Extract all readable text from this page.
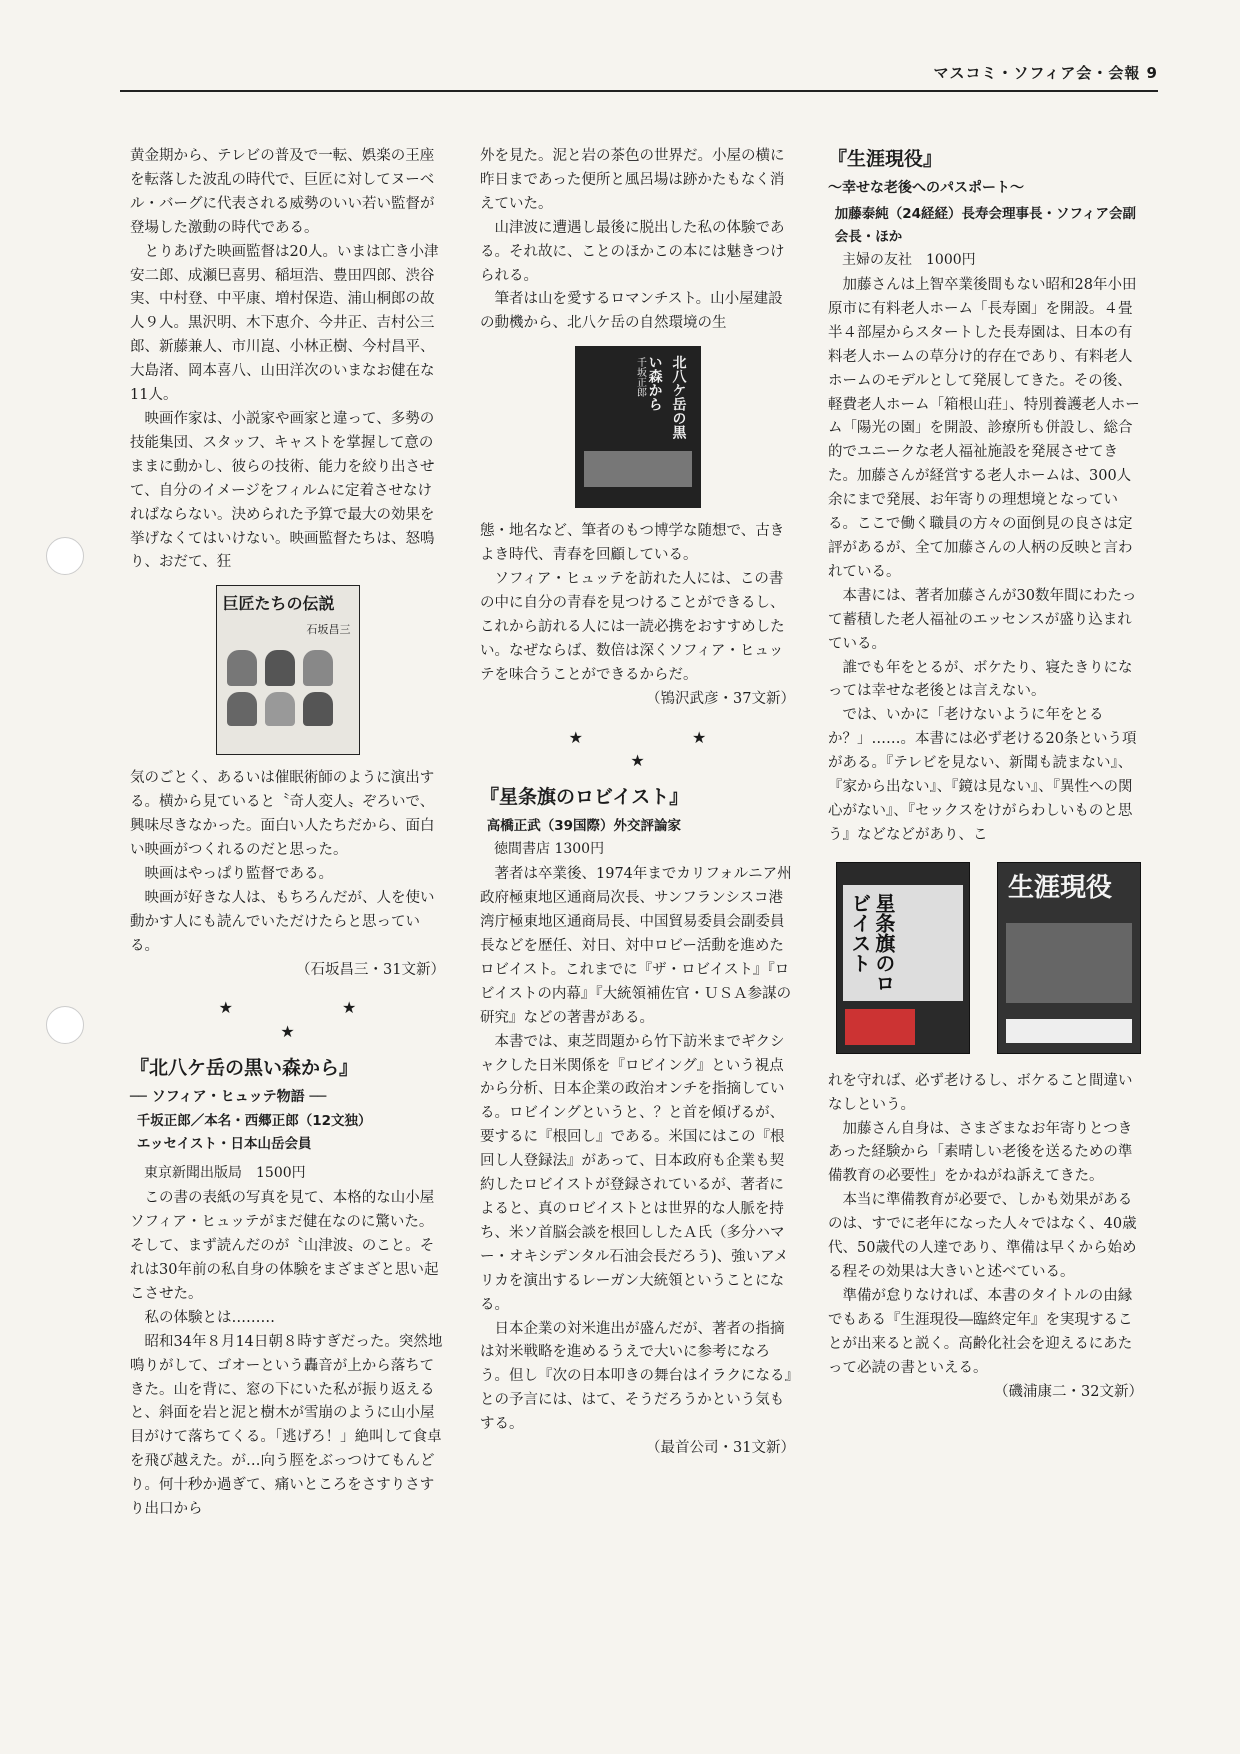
マスコミ・ソフィア会・会報 9

黄金期から、テレビの普及で一転、娯楽の王座を転落した波乱の時代で、巨匠に対してヌーベル・バーグに代表される威勢のいい若い監督が登場した激動の時代である。

とりあげた映画監督は20人。いまは亡き小津安二郎、成瀬巳喜男、稲垣浩、豊田四郎、渋谷実、中村登、中平康、増村保造、浦山桐郎の故人９人。黒沢明、木下恵介、今井正、吉村公三郎、新藤兼人、市川崑、小林正樹、今村昌平、大島渚、岡本喜八、山田洋次のいまなお健在な11人。

映画作家は、小説家や画家と違って、多勢の技能集団、スタッフ、キャストを掌握して意のままに動かし、彼らの技術、能力を絞り出させて、自分のイメージをフィルムに定着させなければならない。決められた予算で最大の効果を挙げなくてはいけない。映画監督たちは、怒鳴り、おだて、狂

巨匠たちの伝説
石坂昌三

気のごとく、あるいは催眠術師のように演出する。横から見ていると〝奇人変人〟ぞろいで、興味尽きなかった。面白い人たちだから、面白い映画がつくれるのだと思った。

映画はやっぱり監督である。

映画が好きな人は、もちろんだが、人を使い動かす人にも読んでいただけたらと思っている。

（石坂昌三・31文新）

★ ★ ★
『北八ケ岳の黒い森から』
── ソフィア・ヒュッテ物語 ──
千坂正郎／本名・西郷正郎（12文独）
エッセイスト・日本山岳会員
東京新聞出版局　1500円

この書の表紙の写真を見て、本格的な山小屋ソフィア・ヒュッテがまだ健在なのに驚いた。そして、まず読んだのが〝山津波〟のこと。それは30年前の私自身の体験をまざまざと思い起こさせた。

私の体験とは………

昭和34年８月14日朝８時すぎだった。突然地鳴りがして、ゴオーという轟音が上から落ちてきた。山を背に、窓の下にいた私が振り返えると、斜面を岩と泥と樹木が雪崩のように山小屋目がけて落ちてくる。「逃げろ！」絶叫して食卓を飛び越えた。が…向う脛をぶっつけてもんどり。何十秒か過ぎて、痛いところをさすりさすり出口から

外を見た。泥と岩の茶色の世界だ。小屋の横に昨日まであった便所と風呂場は跡かたもなく消えていた。

山津波に遭遇し最後に脱出した私の体験である。それ故に、ことのほかこの本には魅きつけられる。

筆者は山を愛するロマンチスト。山小屋建設の動機から、北八ケ岳の自然環境の生

北八ケ岳の黒い森から
千坂正郎

態・地名など、筆者のもつ博学な随想で、古きよき時代、青春を回顧している。

ソフィア・ヒュッテを訪れた人には、この書の中に自分の青春を見つけることができるし、これから訪れる人には一読必携をおすすめしたい。なぜならば、数倍は深くソフィア・ヒュッテを味合うことができるからだ。

（鴇沢武彦・37文新）

★ ★ ★
『星条旗のロビイスト』
高橋正武（39国際）外交評論家
徳間書店 1300円

著者は卒業後、1974年までカリフォルニア州政府極東地区通商局次長、サンフランシスコ港湾庁極東地区通商局長、中国貿易委員会副委員長などを歴任、対日、対中ロビー活動を進めたロビイスト。これまでに『ザ・ロビイスト』『ロビイストの内幕』『大統領補佐官・ＵＳＡ参謀の研究』などの著書がある。

本書では、東芝問題から竹下訪米までギクシャクした日米関係を『ロビイング』という視点から分析、日本企業の政治オンチを指摘している。ロビイングというと、？と首を傾げるが、要するに『根回し』である。米国にはこの『根回し人登録法』があって、日本政府も企業も契約したロビイストが登録されているが、著者によると、真のロビイストとは世界的な人脈を持ち、米ソ首脳会談を根回ししたＡ氏（多分ハマー・オキシデンタル石油会長だろう)、強いアメリカを演出するレーガン大統領ということになる。

日本企業の対米進出が盛んだが、著者の指摘は対米戦略を進めるうえで大いに参考になろう。但し『次の日本叩きの舞台はイラクになる』との予言には、はて、そうだろうかという気もする。

（最首公司・31文新）

『生涯現役』
〜幸せな老後へのパスポート〜
加藤泰純（24経経）長寿会理事長・ソフィア会副会長・ほか
主婦の友社　1000円

加藤さんは上智卒業後間もない昭和28年小田原市に有料老人ホーム「長寿園」を開設。４畳半４部屋からスタートした長寿園は、日本の有料老人ホームの草分け的存在であり、有料老人ホームのモデルとして発展してきた。その後、軽費老人ホーム「箱根山荘」、特別養護老人ホーム「陽光の園」を開設、診療所も併設し、総合的でユニークな老人福祉施設を発展させてきた。加藤さんが経営する老人ホームは、300人余にまで発展、お年寄りの理想境となっている。ここで働く職員の方々の面倒見の良さは定評があるが、全て加藤さんの人柄の反映と言われている。

本書には、著者加藤さんが30数年間にわたって蓄積した老人福祉のエッセンスが盛り込まれている。

誰でも年をとるが、ボケたり、寝たきりになっては幸せな老後とは言えない。

では、いかに「老けないように年をとるか？」……。本書には必ず老ける20条という項がある。『テレビを見ない、新聞も読まない』、『家から出ない』、『鏡は見ない』、『異性への関心がない』、『セックスをけがらわしいものと思う』などなどがあり、こ

星条旗のロビイスト
生涯現役

れを守れば、必ず老けるし、ボケること間違いなしという。

加藤さん自身は、さまざまなお年寄りとつきあった経験から「素晴しい老後を送るための準備教育の必要性」をかねがね訴えてきた。

本当に準備教育が必要で、しかも効果があるのは、すでに老年になった人々ではなく、40歳代、50歳代の人達であり、準備は早くから始める程その効果は大きいと述べている。

準備が怠りなければ、本書のタイトルの由縁でもある『生涯現役―臨終定年』を実現することが出来ると説く。高齢化社会を迎えるにあたって必読の書といえる。

（磯浦康二・32文新）
